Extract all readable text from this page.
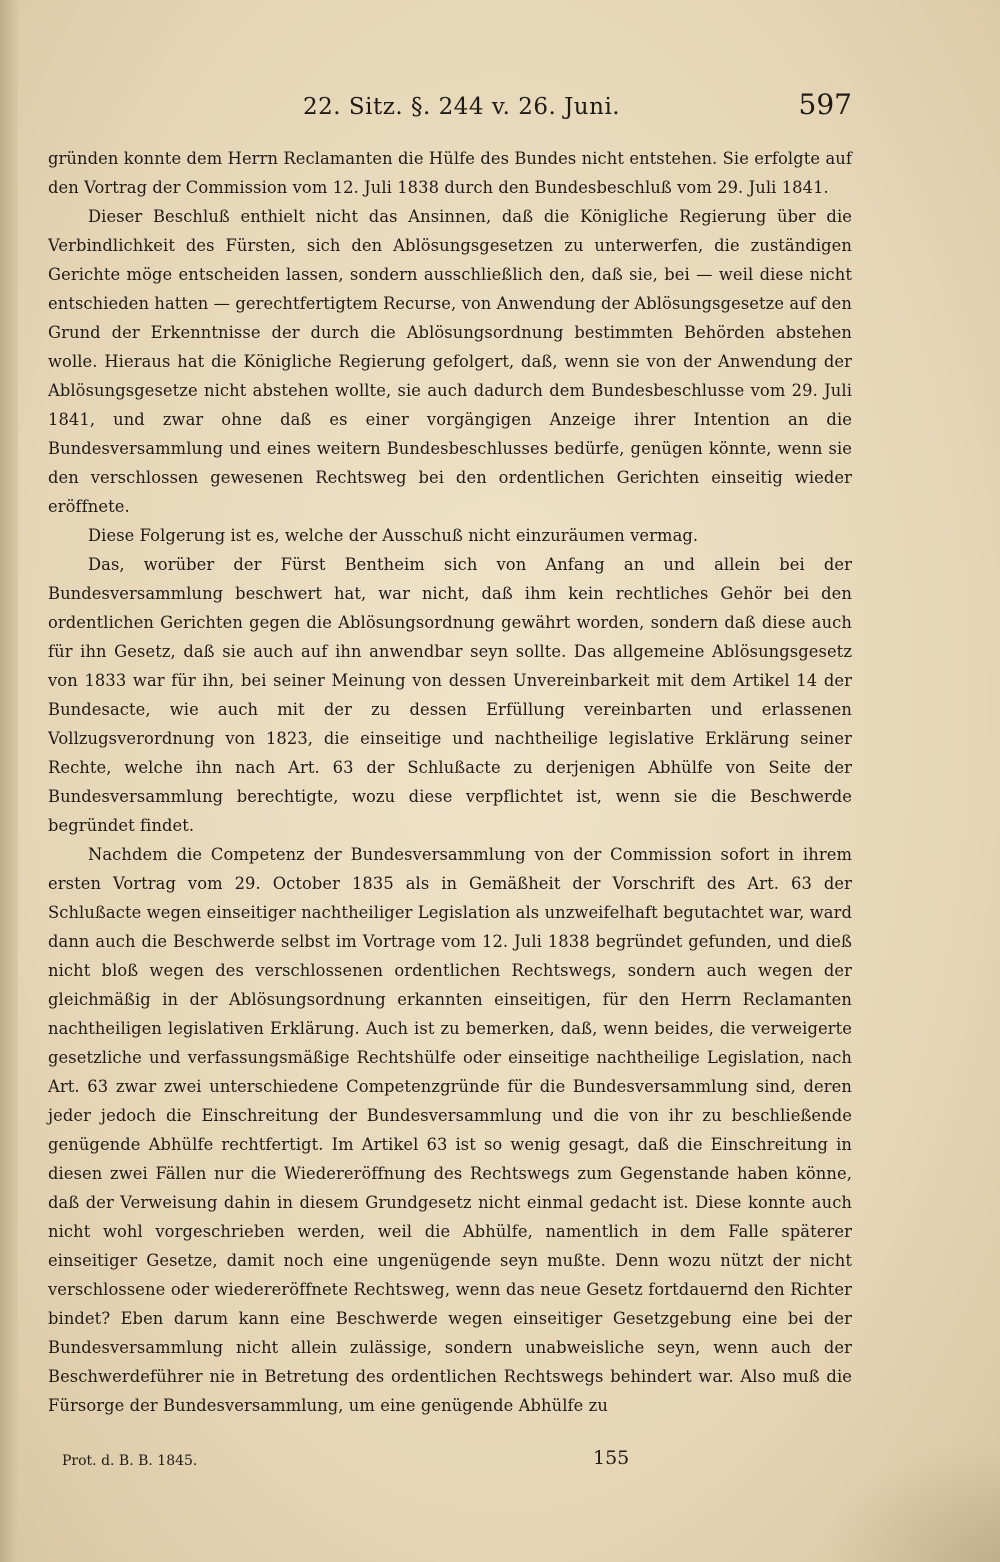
22. Sitz. §. 244 v. 26. Juni.	597

gründen konnte dem Herrn Reclamanten die Hülfe des Bundes nicht entstehen. Sie erfolgte auf den Vortrag der Commission vom 12. Juli 1838 durch den Bundesbeschluß vom 29. Juli 1841.

Dieser Beschluß enthielt nicht das Ansinnen, daß die Königliche Regierung über die Verbindlichkeit des Fürsten, sich den Ablösungsgesetzen zu unterwerfen, die zuständigen Gerichte möge entscheiden lassen, sondern ausschließlich den, daß sie, bei — weil diese nicht entschieden hatten — gerechtfertigtem Recurse, von Anwendung der Ablösungsgesetze auf den Grund der Erkenntnisse der durch die Ablösungsordnung bestimmten Behörden abstehen wolle. Hieraus hat die Königliche Regierung gefolgert, daß, wenn sie von der Anwendung der Ablösungsgesetze nicht abstehen wollte, sie auch dadurch dem Bundesbeschlusse vom 29. Juli 1841, und zwar ohne daß es einer vorgängigen Anzeige ihrer Intention an die Bundesversammlung und eines weitern Bundesbeschlusses bedürfe, genügen könnte, wenn sie den verschlossen gewesenen Rechtsweg bei den ordentlichen Gerichten einseitig wieder eröffnete.

Diese Folgerung ist es, welche der Ausschuß nicht einzuräumen vermag.

Das, worüber der Fürst Bentheim sich von Anfang an und allein bei der Bundesversammlung beschwert hat, war nicht, daß ihm kein rechtliches Gehör bei den ordentlichen Gerichten gegen die Ablösungsordnung gewährt worden, sondern daß diese auch für ihn Gesetz, daß sie auch auf ihn anwendbar seyn sollte. Das allgemeine Ablösungsgesetz von 1833 war für ihn, bei seiner Meinung von dessen Unvereinbarkeit mit dem Artikel 14 der Bundesacte, wie auch mit der zu dessen Erfüllung vereinbarten und erlassenen Vollzugsverordnung von 1823, die einseitige und nachtheilige legislative Erklärung seiner Rechte, welche ihn nach Art. 63 der Schlußacte zu derjenigen Abhülfe von Seite der Bundesversammlung berechtigte, wozu diese verpflichtet ist, wenn sie die Beschwerde begründet findet.

Nachdem die Competenz der Bundesversammlung von der Commission sofort in ihrem ersten Vortrag vom 29. October 1835 als in Gemäßheit der Vorschrift des Art. 63 der Schlußacte wegen einseitiger nachtheiliger Legislation als unzweifelhaft begutachtet war, ward dann auch die Beschwerde selbst im Vortrage vom 12. Juli 1838 begründet gefunden, und dieß nicht bloß wegen des verschlossenen ordentlichen Rechtswegs, sondern auch wegen der gleichmäßig in der Ablösungsordnung erkannten einseitigen, für den Herrn Reclamanten nachtheiligen legislativen Erklärung. Auch ist zu bemerken, daß, wenn beides, die verweigerte gesetzliche und verfassungsmäßige Rechtshülfe oder einseitige nachtheilige Legislation, nach Art. 63 zwar zwei unterschiedene Competenzgründe für die Bundesversammlung sind, deren jeder jedoch die Einschreitung der Bundesversammlung und die von ihr zu beschließende genügende Abhülfe rechtfertigt. Im Artikel 63 ist so wenig gesagt, daß die Einschreitung in diesen zwei Fällen nur die Wiedereröffnung des Rechtswegs zum Gegenstande haben könne, daß der Verweisung dahin in diesem Grundgesetz nicht einmal gedacht ist. Diese konnte auch nicht wohl vorgeschrieben werden, weil die Abhülfe, namentlich in dem Falle späterer einseitiger Gesetze, damit noch eine ungenügende seyn mußte. Denn wozu nützt der nicht verschlossene oder wiedereröffnete Rechtsweg, wenn das neue Gesetz fortdauernd den Richter bindet? Eben darum kann eine Beschwerde wegen einseitiger Gesetzgebung eine bei der Bundesversammlung nicht allein zulässige, sondern unabweisliche seyn, wenn auch der Beschwerdeführer nie in Betretung des ordentlichen Rechtswegs behindert war. Also muß die Fürsorge der Bundesversammlung, um eine genügende Abhülfe zu

Prot. d. B. B. 1845.	155
